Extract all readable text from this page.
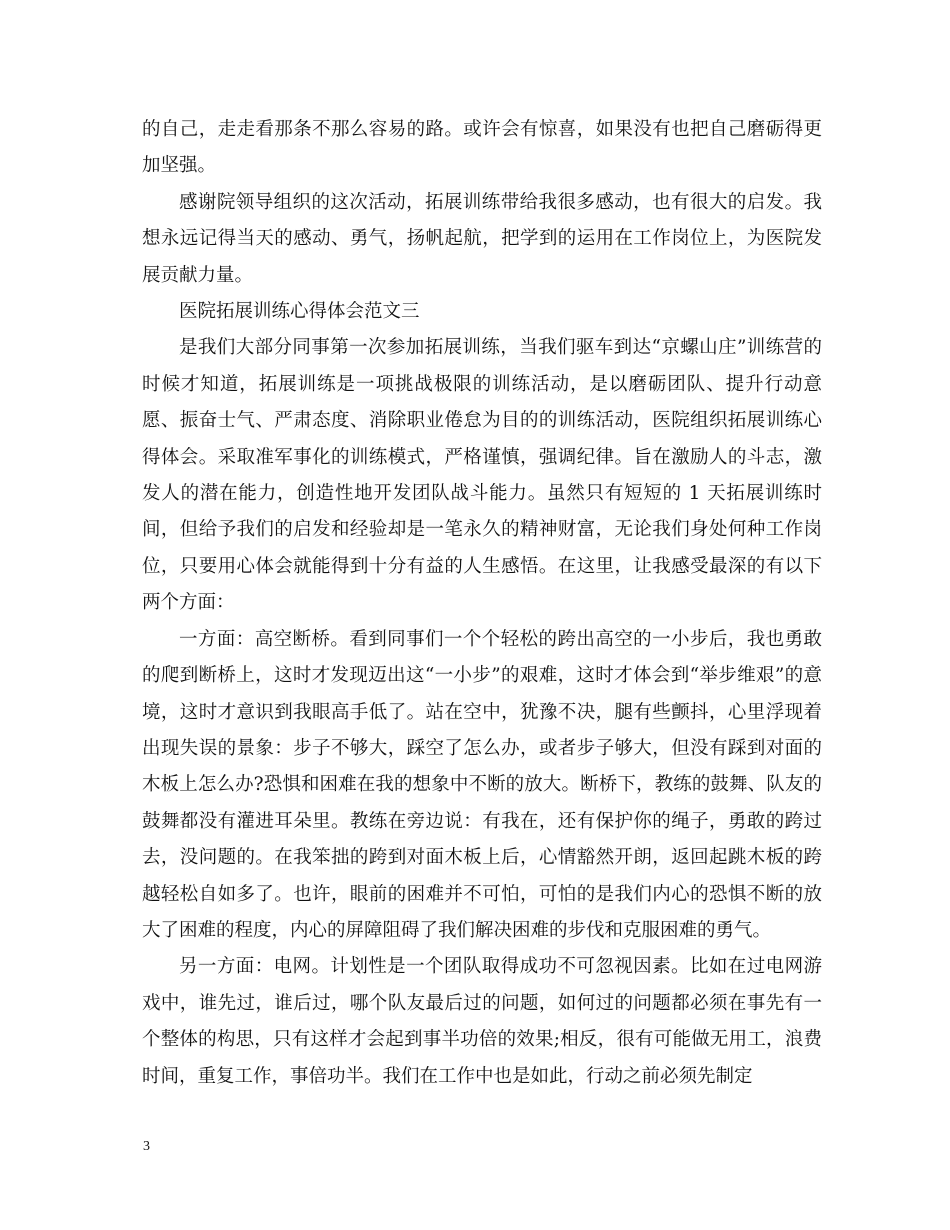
的自己，走走看那条不那么容易的路。或许会有惊喜，如果没有也把自己磨砺得更加坚强。

感谢院领导组织的这次活动，拓展训练带给我很多感动，也有很大的启发。我想永远记得当天的感动、勇气，扬帆起航，把学到的运用在工作岗位上，为医院发展贡献力量。

医院拓展训练心得体会范文三

是我们大部分同事第一次参加拓展训练，当我们驱车到达“京螺山庄”训练营的时候才知道，拓展训练是一项挑战极限的训练活动，是以磨砺团队、提升行动意愿、振奋士气、严肃态度、消除职业倦怠为目的的训练活动，医院组织拓展训练心得体会。采取准军事化的训练模式，严格谨慎，强调纪律。旨在激励人的斗志，激发人的潜在能力，创造性地开发团队战斗能力。虽然只有短短的 1 天拓展训练时间，但给予我们的启发和经验却是一笔永久的精神财富，无论我们身处何种工作岗位，只要用心体会就能得到十分有益的人生感悟。在这里，让我感受最深的有以下两个方面：

一方面：高空断桥。看到同事们一个个轻松的跨出高空的一小步后，我也勇敢的爬到断桥上，这时才发现迈出这“一小步”的艰难，这时才体会到“举步维艰”的意境，这时才意识到我眼高手低了。站在空中，犹豫不决，腿有些颤抖，心里浮现着出现失误的景象：步子不够大，踩空了怎么办，或者步子够大，但没有踩到对面的木板上怎么办?恐惧和困难在我的想象中不断的放大。断桥下，教练的鼓舞、队友的鼓舞都没有灌进耳朵里。教练在旁边说：有我在，还有保护你的绳子，勇敢的跨过去，没问题的。在我笨拙的跨到对面木板上后，心情豁然开朗，返回起跳木板的跨越轻松自如多了。也许，眼前的困难并不可怕，可怕的是我们内心的恐惧不断的放大了困难的程度，内心的屏障阻碍了我们解决困难的步伐和克服困难的勇气。

另一方面：电网。计划性是一个团队取得成功不可忽视因素。比如在过电网游戏中，谁先过，谁后过，哪个队友最后过的问题，如何过的问题都必须在事先有一个整体的构思，只有这样才会起到事半功倍的效果;相反，很有可能做无用工，浪费时间，重复工作，事倍功半。我们在工作中也是如此，行动之前必须先制定

3
